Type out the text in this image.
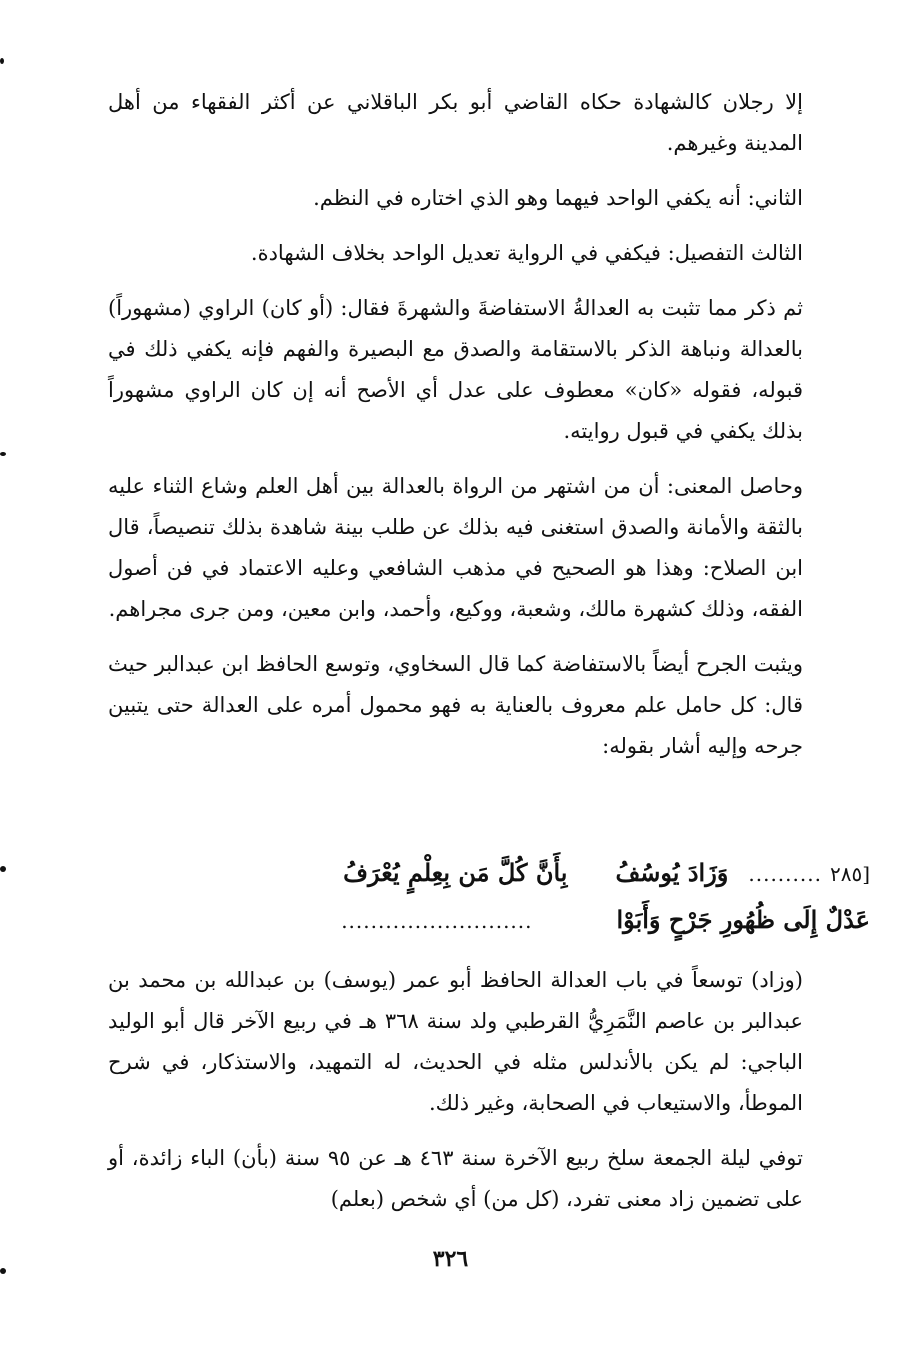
إلا رجلان كالشهادة حكاه القاضي أبو بكر الباقلاني عن أكثر الفقهاء من أهل المدينة وغيرهم.

الثاني: أنه يكفي الواحد فيهما وهو الذي اختاره في النظم.

الثالث التفصيل: فيكفي في الرواية تعديل الواحد بخلاف الشهادة.

ثم ذكر مما تثبت به العدالةُ الاستفاضةَ والشهرةَ فقال: (أو كان) الراوي (مشهوراً) بالعدالة ونباهة الذكر بالاستقامة والصدق مع البصيرة والفهم فإنه يكفي ذلك في قبوله، فقوله «كان» معطوف على عدل أي الأصح أنه إن كان الراوي مشهوراً بذلك يكفي في قبول روايته.

وحاصل المعنى: أن من اشتهر من الرواة بالعدالة بين أهل العلم وشاع الثناء عليه بالثقة والأمانة والصدق استغنى فيه بذلك عن طلب بينة شاهدة بذلك تنصيصاً، قال ابن الصلاح: وهذا هو الصحيح في مذهب الشافعي وعليه الاعتماد في فن أصول الفقه، وذلك كشهرة مالك، وشعبة، ووكيع، وأحمد، وابن معين، ومن جرى مجراهم.

ويثبت الجرح أيضاً بالاستفاضة كما قال السخاوي، وتوسع الحافظ ابن عبدالبر حيث قال: كل حامل علم معروف بالعناية به فهو محمول أمره على العدالة حتى يتبين جرحه وإليه أشار بقوله:

[٢٨٥
..........
وَزَادَ يُوسُفُ
بِأَنَّ كُلَّ مَن بِعِلْمٍ يُعْرَفُ
عَدْلٌ إِلَى ظُهُورِ جَرْحٍ وَأَبَوْا
..........................

(وزاد) توسعاً في باب العدالة الحافظ أبو عمر (يوسف) بن عبدالله بن محمد بن عبدالبر بن عاصم النَّمَرِيُّ القرطبي ولد سنة ٣٦٨ هـ في ربيع الآخر قال أبو الوليد الباجي: لم يكن بالأندلس مثله في الحديث، له التمهيد، والاستذكار، في شرح الموطأ، والاستيعاب في الصحابة، وغير ذلك.

توفي ليلة الجمعة سلخ ربيع الآخرة سنة ٤٦٣ هـ عن ٩٥ سنة (بأن) الباء زائدة، أو على تضمين زاد معنى تفرد، (كل من) أي شخص (بعلم)

٣٢٦
